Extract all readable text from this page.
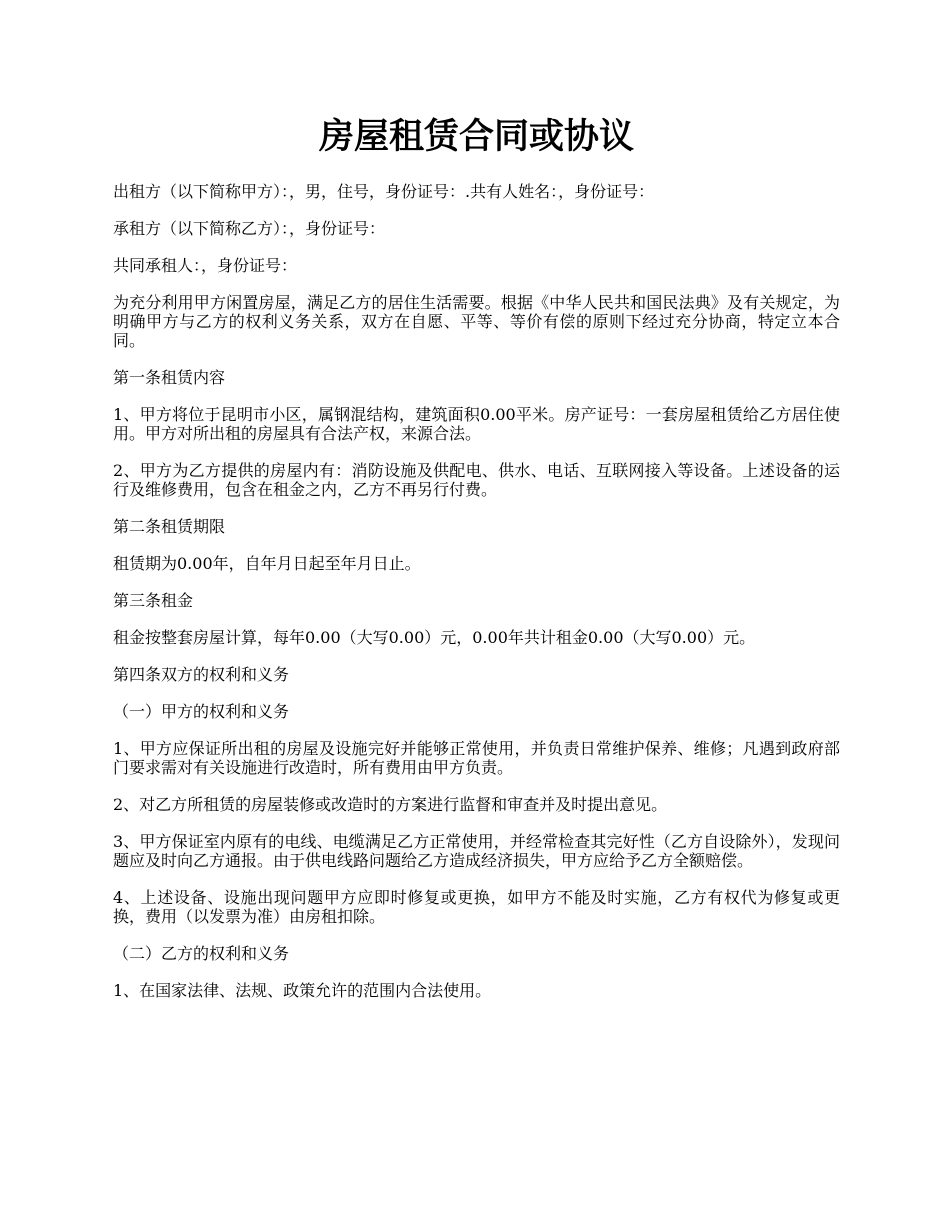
房屋租赁合同或协议

出租方（以下简称甲方）：，男，住号，身份证号：.共有人姓名：，身份证号：

承租方（以下简称乙方）：，身份证号：

共同承租人：，身份证号：

为充分利用甲方闲置房屋，满足乙方的居住生活需要。根据《中华人民共和国民法典》及有关规定，为明确甲方与乙方的权利义务关系，双方在自愿、平等、等价有偿的原则下经过充分协商，特定立本合同。

第一条租赁内容

1、甲方将位于昆明市小区，属钢混结构，建筑面积0.00平米。房产证号：一套房屋租赁给乙方居住使用。甲方对所出租的房屋具有合法产权，来源合法。

2、甲方为乙方提供的房屋内有：消防设施及供配电、供水、电话、互联网接入等设备。上述设备的运行及维修费用，包含在租金之内，乙方不再另行付费。

第二条租赁期限

租赁期为0.00年，自年月日起至年月日止。

第三条租金

租金按整套房屋计算，每年0.00（大写0.00）元，0.00年共计租金0.00（大写0.00）元。

第四条双方的权利和义务

（一）甲方的权利和义务

1、甲方应保证所出租的房屋及设施完好并能够正常使用，并负责日常维护保养、维修；凡遇到政府部门要求需对有关设施进行改造时，所有费用由甲方负责。

2、对乙方所租赁的房屋装修或改造时的方案进行监督和审查并及时提出意见。

3、甲方保证室内原有的电线、电缆满足乙方正常使用，并经常检查其完好性（乙方自设除外），发现问题应及时向乙方通报。由于供电线路问题给乙方造成经济损失，甲方应给予乙方全额赔偿。

4、上述设备、设施出现问题甲方应即时修复或更换，如甲方不能及时实施，乙方有权代为修复或更换，费用（以发票为准）由房租扣除。

（二）乙方的权利和义务

1、在国家法律、法规、政策允许的范围内合法使用。
